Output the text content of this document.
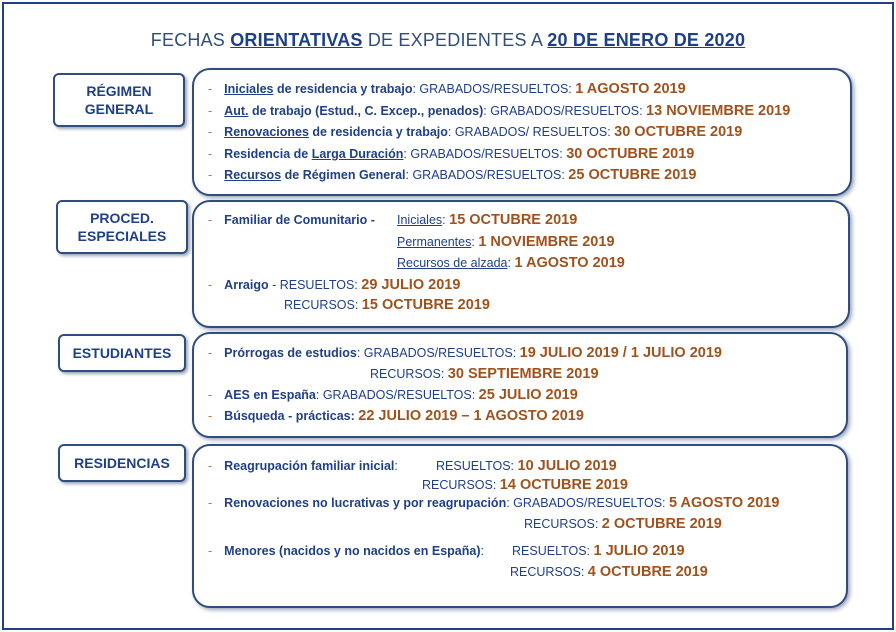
FECHAS ORIENTATIVAS DE EXPEDIENTES A 20 DE ENERO DE 2020
RÉGIMEN GENERAL
PROCED. ESPECIALES
ESTUDIANTES
RESIDENCIAS
- Iniciales de residencia y trabajo: GRABADOS/RESUELTOS: 1 AGOSTO 2019
- Aut. de trabajo (Estud., C. Excep., penados): GRABADOS/RESUELTOS: 13 NOVIEMBRE 2019
- Renovaciones de residencia y trabajo: GRABADOS/ RESUELTOS: 30 OCTUBRE 2019
- Residencia de Larga Duración: GRABADOS/RESUELTOS: 30 OCTUBRE 2019
- Recursos de Régimen General: GRABADOS/RESUELTOS: 25 OCTUBRE 2019
- Familiar de Comunitario - Iniciales: 15 OCTUBRE 2019
Permanentes: 1 NOVIEMBRE 2019
Recursos de alzada: 1 AGOSTO 2019
- Arraigo - RESUELTOS: 29 JULIO 2019
RECURSOS: 15 OCTUBRE 2019
- Prórrogas de estudios: GRABADOS/RESUELTOS: 19 JULIO 2019 / 1 JULIO 2019
RECURSOS: 30 SEPTIEMBRE 2019
- AES en España: GRABADOS/RESUELTOS: 25 JULIO 2019
- Búsqueda - prácticas: 22 JULIO 2019 – 1 AGOSTO 2019
- Reagrupación familiar inicial:	RESUELTOS: 10 JULIO 2019
RECURSOS: 14 OCTUBRE 2019
- Renovaciones no lucrativas y por reagrupación: GRABADOS/RESUELTOS: 5 AGOSTO 2019
RECURSOS: 2 OCTUBRE 2019
- Menores (nacidos y no nacidos en España): RESUELTOS: 1 JULIO 2019
RECURSOS: 4 OCTUBRE 2019
